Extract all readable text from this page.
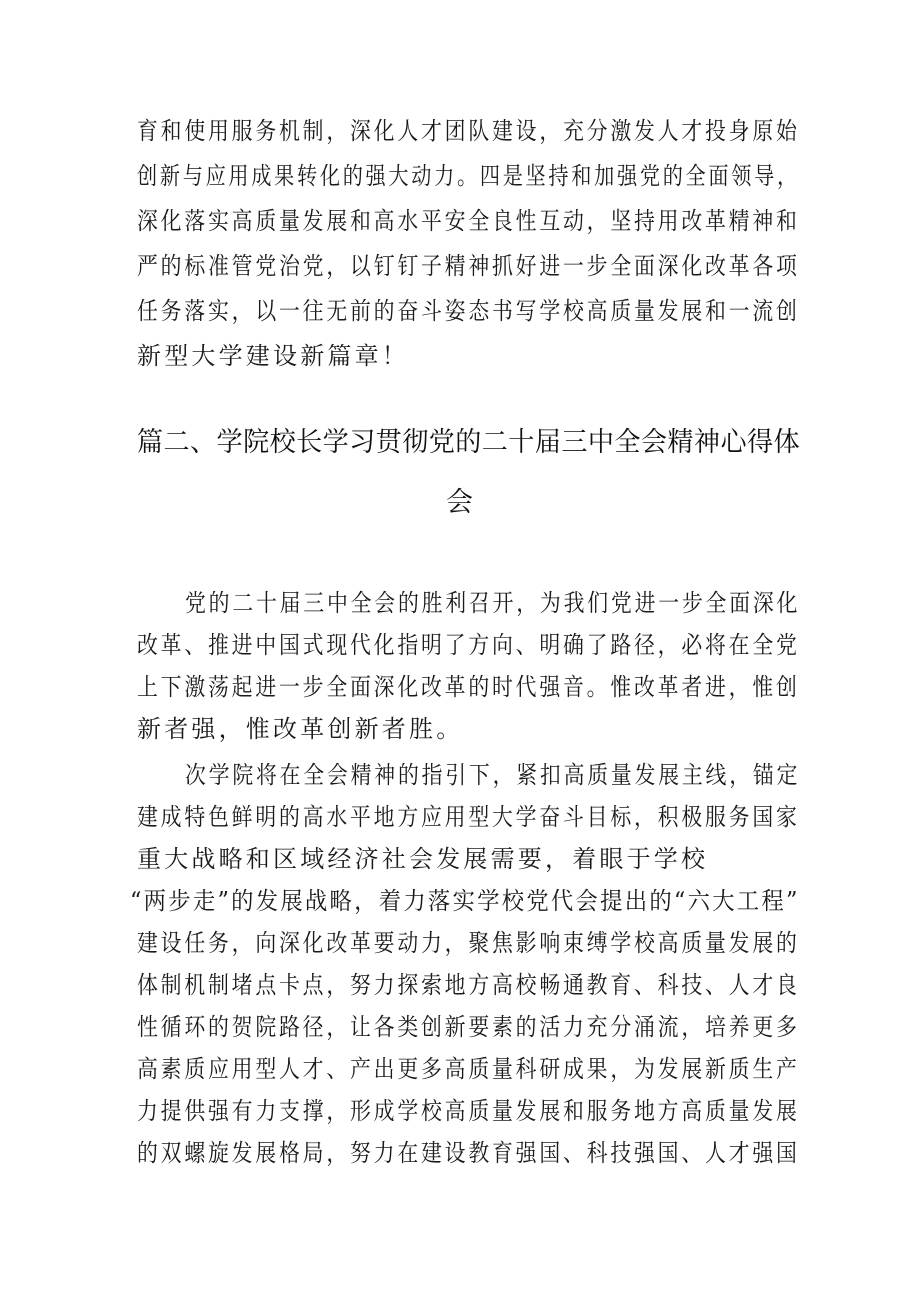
育和使用服务机制，深化人才团队建设，充分激发人才投身原始
创新与应用成果转化的强大动力。四是坚持和加强党的全面领导，
深化落实高质量发展和高水平安全良性互动，坚持用改革精神和
严的标准管党治党，以钉钉子精神抓好进一步全面深化改革各项
任务落实，以一往无前的奋斗姿态书写学校高质量发展和一流创
新型大学建设新篇章！
篇二、学院校长学习贯彻党的二十届三中全会精神心得体
会
党的二十届三中全会的胜利召开，为我们党进一步全面深化
改革、推进中国式现代化指明了方向、明确了路径，必将在全党
上下激荡起进一步全面深化改革的时代强音。惟改革者进，惟创
新者强，惟改革创新者胜。
次学院将在全会精神的指引下，紧扣高质量发展主线，锚定
建成特色鲜明的高水平地方应用型大学奋斗目标，积极服务国家
重大战略和区域经济社会发展需要，着眼于学校
“两步走”的发展战略，着力落实学校党代会提出的“六大工程”
建设任务，向深化改革要动力，聚焦影响束缚学校高质量发展的
体制机制堵点卡点，努力探索地方高校畅通教育、科技、人才良
性循环的贺院路径，让各类创新要素的活力充分涌流，培养更多
高素质应用型人才、产出更多高质量科研成果，为发展新质生产
力提供强有力支撑，形成学校高质量发展和服务地方高质量发展
的双螺旋发展格局，努力在建设教育强国、科技强国、人才强国
